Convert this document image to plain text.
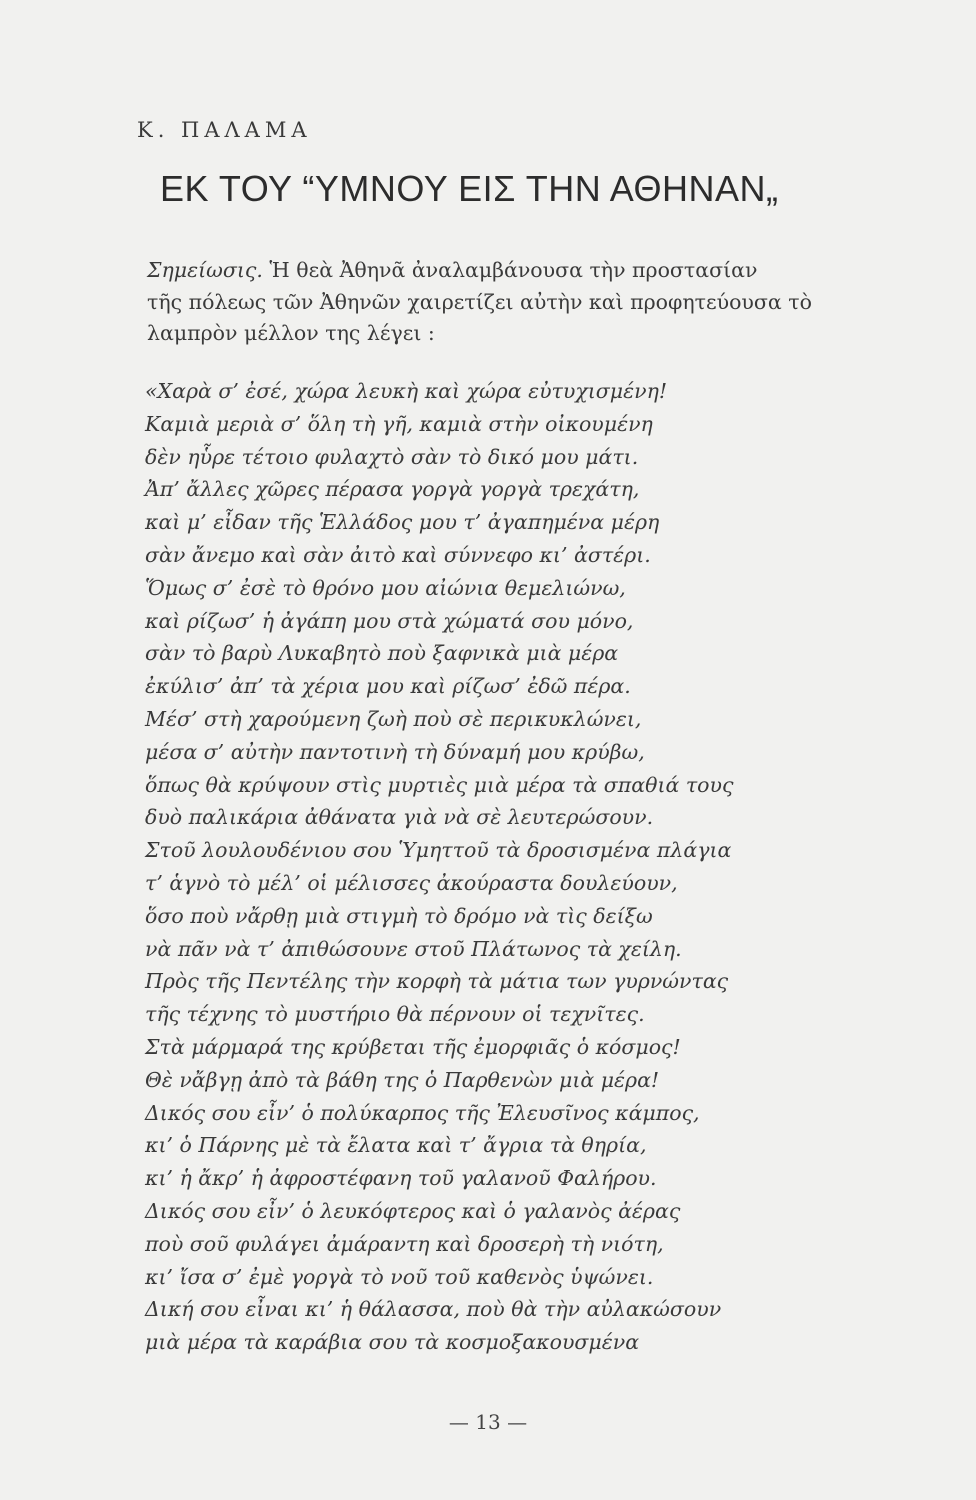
Κ. ΠΑΛΑΜΑ
ΕΚ ΤΟΥ “ΥΜΝΟΥ ΕΙΣ ΤΗΝ ΑΘΗΝΑΝ„
Σημείωσις. Ἡ θεὰ Ἀθηνᾶ ἀναλαμβάνουσα τὴν προστασίαν
τῆς πόλεως τῶν Ἀθηνῶν χαιρετίζει αὐτὴν καὶ προφητεύουσα τὸ
λαμπρὸν μέλλον της λέγει :
«Χαρὰ σ’ ἐσέ, χώρα λευκὴ καὶ χώρα εὐτυχισμένη!
Καμιὰ μεριὰ σ’ ὅλη τὴ γῆ, καμιὰ στὴν οἰκουμένη
δὲν ηὗρε τέτοιο φυλαχτὸ σὰν τὸ δικό μου μάτι.
Ἀπ’ ἄλλες χῶρες πέρασα γοργὰ γοργὰ τρεχάτη,
καὶ μ’ εἶδαν τῆς Ἑλλάδος μου τ’ ἀγαπημένα μέρη
σὰν ἄνεμο καὶ σὰν ἀιτὸ καὶ σύννεφο κι’ ἀστέρι.
Ὅμως σ’ ἐσὲ τὸ θρόνο μου αἰώνια θεμελιώνω,
καὶ ρίζωσ’ ἡ ἀγάπη μου στὰ χώματά σου μόνο,
σὰν τὸ βαρὺ Λυκαβητὸ ποὺ ξαφνικὰ μιὰ μέρα
ἐκύλισ’ ἀπ’ τὰ χέρια μου καὶ ρίζωσ’ ἐδῶ πέρα.
Μέσ’ στὴ χαρούμενη ζωὴ ποὺ σὲ περικυκλώνει,
μέσα σ’ αὐτὴν παντοτινὴ τὴ δύναμή μου κρύβω,
ὅπως θὰ κρύψουν στὶς μυρτιὲς μιὰ μέρα τὰ σπαθιά τους
δυὸ παλικάρια ἀθάνατα γιὰ νὰ σὲ λευτερώσουν.
Στοῦ λουλουδένιου σου Ὑμηττοῦ τὰ δροσισμένα πλάγια
τ’ ἁγνὸ τὸ μέλ’ οἱ μέλισσες ἀκούραστα δουλεύουν,
ὅσο ποὺ νἄρθῃ μιὰ στιγμὴ τὸ δρόμο νὰ τὶς δείξω
νὰ πᾶν νὰ τ’ ἀπιθώσουνε στοῦ Πλάτωνος τὰ χείλη.
Πρὸς τῆς Πεντέλης τὴν κορφὴ τὰ μάτια των γυρνώντας
τῆς τέχνης τὸ μυστήριο θὰ πέρνουν οἱ τεχνῖτες.
Στὰ μάρμαρά της κρύβεται τῆς ἐμορφιᾶς ὁ κόσμος!
Θὲ νἄβγῃ ἀπὸ τὰ βάθη της ὁ Παρθενὼν μιὰ μέρα!
Δικός σου εἶν’ ὁ πολύκαρπος τῆς Ἐλευσῖνος κάμπος,
κι’ ὁ Πάρνης μὲ τὰ ἔλατα καὶ τ’ ἄγρια τὰ θηρία,
κι’ ἡ ἄκρ’ ἡ ἀφροστέφανη τοῦ γαλανοῦ Φαλήρου.
Δικός σου εἶν’ ὁ λευκόφτερος καὶ ὁ γαλανὸς ἀέρας
ποὺ σοῦ φυλάγει ἀμάραντη καὶ δροσερὴ τὴ νιότη,
κι’ ἴσα σ’ ἐμὲ γοργὰ τὸ νοῦ τοῦ καθενὸς ὑψώνει.
Δική σου εἶναι κι’ ἡ θάλασσα, ποὺ θὰ τὴν αὐλακώσουν
μιὰ μέρα τὰ καράβια σου τὰ κοσμοξακουσμένα
— 13 —
